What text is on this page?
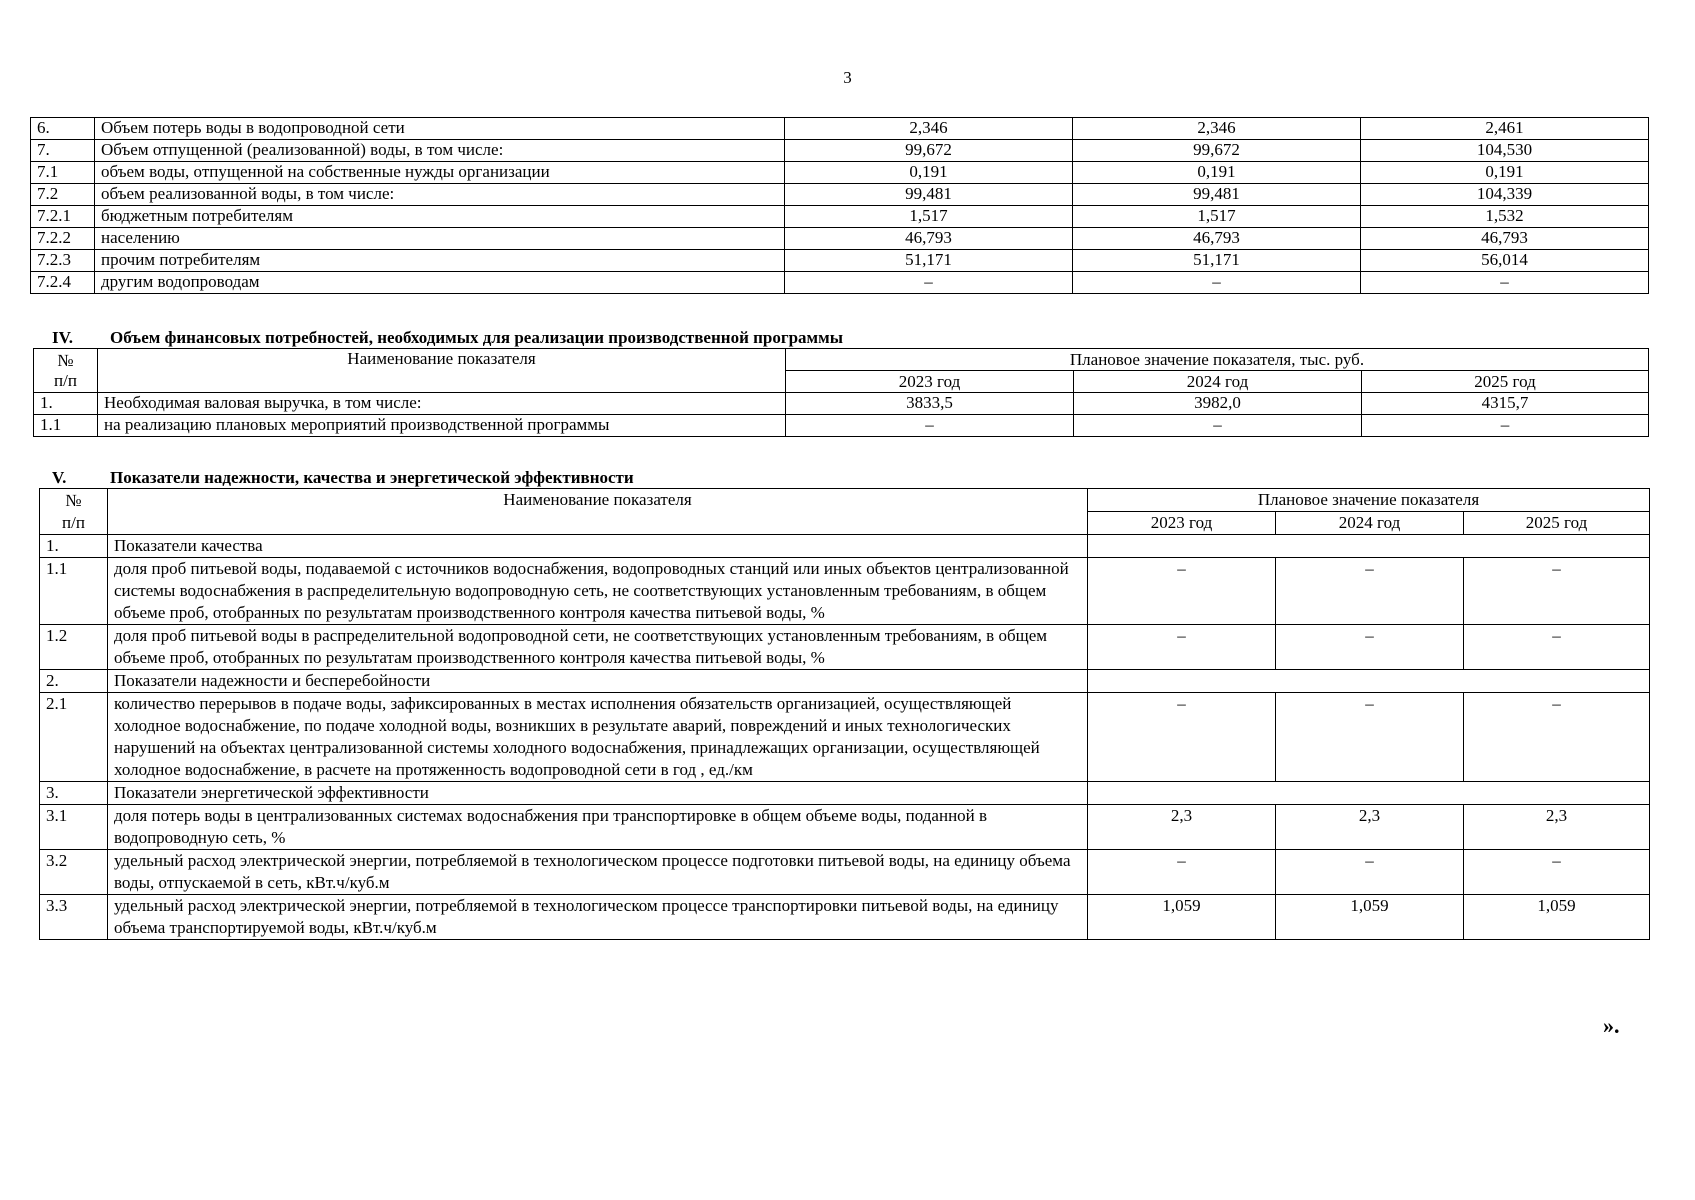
3
6.	Объем потерь воды в водопроводной сети	2,346	2,346	2,461
7.	Объем отпущенной (реализованной) воды, в том числе:	99,672	99,672	104,530
7.1	объем воды, отпущенной на собственные нужды организации	0,191	0,191	0,191
7.2	объем реализованной воды, в том числе:	99,481	99,481	104,339
7.2.1	бюджетным потребителям	1,517	1,517	1,532
7.2.2	населению	46,793	46,793	46,793
7.2.3	прочим потребителям	51,171	51,171	56,014
7.2.4	другим водопроводам	–	–	–
IV. Объем финансовых потребностей, необходимых для реализации производственной программы
№
п/п	Наименование показателя	Плановое значение показателя, тыс. руб.		
		2023 год	2024 год	2025 год
1.	Необходимая валовая выручка, в том числе:	3833,5	3982,0	4315,7
1.1	на реализацию плановых мероприятий производственной программы	–	–	–
V.	Показатели надежности, качества и энергетической эффективности
№
п/п	Наименование показателя	Плановое значение показателя		
		2023 год	2024 год	2025 год
1.	Показатели качества			
1.1	доля проб питьевой воды, подаваемой с источников водоснабжения, водопроводных станций или иных объектов централизованной системы водоснабжения в распределительную водопроводную сеть, не соответствующих установленным требованиям, в общем объеме проб, отобранных по результатам производственного контроля качества питьевой воды, %	–	–	–
1.2	доля проб питьевой воды в распределительной водопроводной сети, не соответствующих установленным требованиям, в общем объеме проб, отобранных по результатам производственного контроля качества питьевой воды, %	–	–	–
2.	Показатели надежности и бесперебойности			
2.1	количество перерывов в подаче воды, зафиксированных в местах исполнения обязательств организацией, осуществляющей холодное водоснабжение, по подаче холодной воды, возникших в результате аварий, повреждений и иных технологических нарушений на объектах централизованной системы холодного водоснабжения, принадлежащих организации, осуществляющей холодное водоснабжение, в расчете на протяженность водопроводной сети в год , ед./км	–	–	–
3.	Показатели энергетической эффективности			
3.1	доля потерь воды в централизованных системах водоснабжения при транспортировке в общем объеме воды, поданной в водопроводную сеть, %	2,3	2,3	2,3
3.2	удельный расход электрической энергии, потребляемой в технологическом процессе подготовки питьевой воды, на единицу объема воды, отпускаемой в сеть, кВт.ч/куб.м	–	–	–
3.3	удельный расход электрической энергии, потребляемой в технологическом процессе транспортировки питьевой воды, на единицу объема транспортируемой воды, кВт.ч/куб.м	1,059	1,059	1,059
».
